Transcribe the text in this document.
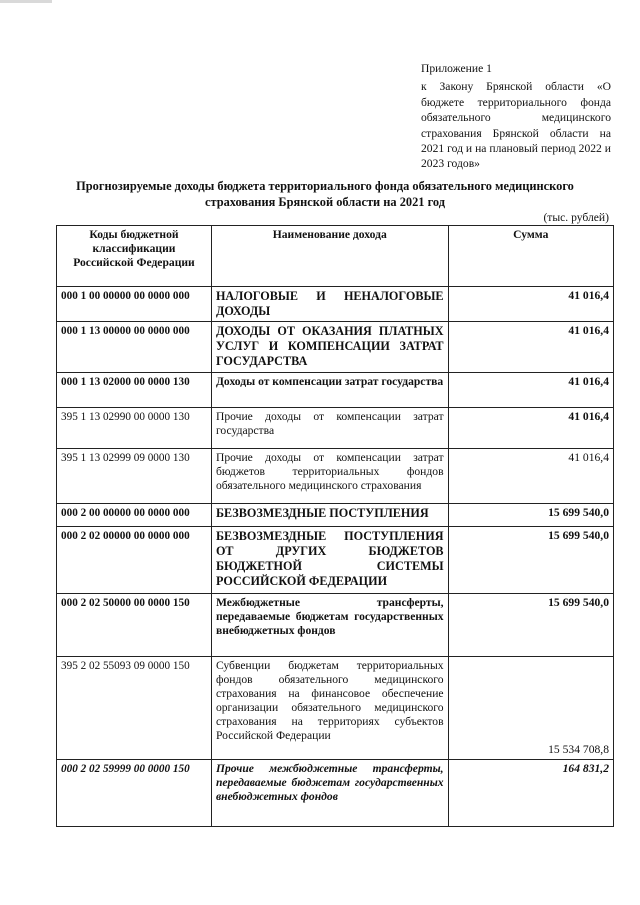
Приложение 1
к Закону Брянской области «О бюджете территориального фонда обязательного медицинского страхования Брянской области на 2021 год и на плановый период 2022 и 2023 годов»
Прогнозируемые доходы бюджета территориального фонда обязательного медицинского страхования Брянской области на 2021 год
(тыс. рублей)
Коды бюджетной классификации Российской Федерации	Наименование дохода	Сумма
000 1 00 00000 00 0000 000	НАЛОГОВЫЕ И НЕНАЛОГОВЫЕ ДОХОДЫ	41 016,4
000 1 13 00000 00 0000 000	ДОХОДЫ ОТ ОКАЗАНИЯ ПЛАТНЫХ УСЛУГ И КОМПЕНСАЦИИ ЗАТРАТ ГОСУДАРСТВА	41 016,4
000 1 13 02000 00 0000 130	Доходы от компенсации затрат государства	41 016,4
395 1 13 02990 00 0000 130	Прочие доходы от компенсации затрат государства	41 016,4
395 1 13 02999 09 0000 130	Прочие доходы от компенсации затрат бюджетов территориальных фондов обязательного медицинского страхования	41 016,4
000 2 00 00000 00 0000 000	БЕЗВОЗМЕЗДНЫЕ ПОСТУПЛЕНИЯ	15 699 540,0
000 2 02 00000 00 0000 000	БЕЗВОЗМЕЗДНЫЕ ПОСТУПЛЕНИЯ ОТ ДРУГИХ БЮДЖЕТОВ БЮДЖЕТНОЙ СИСТЕМЫ РОССИЙСКОЙ ФЕДЕРАЦИИ	15 699 540,0
000 2 02 50000 00 0000 150	Межбюджетные трансферты, передаваемые бюджетам государственных внебюджетных фондов	15 699 540,0
395 2 02 55093 09 0000 150	Субвенции бюджетам территориальных фондов обязательного медицинского страхования на финансовое обеспечение организации обязательного медицинского страхования на территориях субъектов Российской Федерации	15 534 708,8
000 2 02 59999 00 0000 150	Прочие межбюджетные трансферты, передаваемые бюджетам государственных внебюджетных фондов	164 831,2
